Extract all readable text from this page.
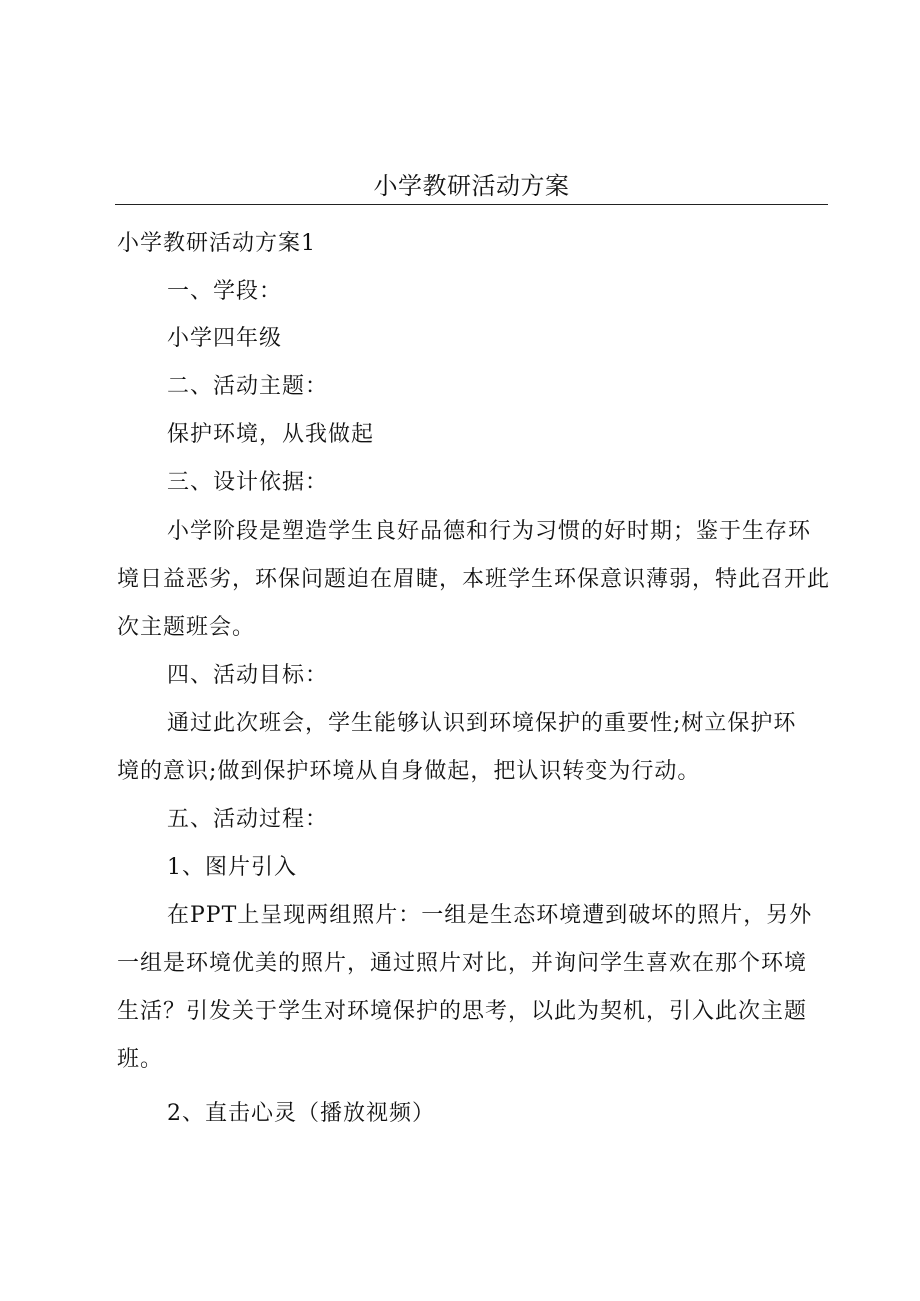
小学教研活动方案
小学教研活动方案1
一、学段：
小学四年级
二、活动主题：
保护环境，从我做起
三、设计依据：
小学阶段是塑造学生良好品德和行为习惯的好时期；鉴于生存环
境日益恶劣，环保问题迫在眉睫，本班学生环保意识薄弱，特此召开此
次主题班会。
四、活动目标：
通过此次班会，学生能够认识到环境保护的重要性;树立保护环
境的意识;做到保护环境从自身做起，把认识转变为行动。
五、活动过程：
1、图片引入
在PPT上呈现两组照片：一组是生态环境遭到破坏的照片，另外
一组是环境优美的照片，通过照片对比，并询问学生喜欢在那个环境
生活？引发关于学生对环境保护的思考，以此为契机，引入此次主题
班。
2、直击心灵（播放视频）
